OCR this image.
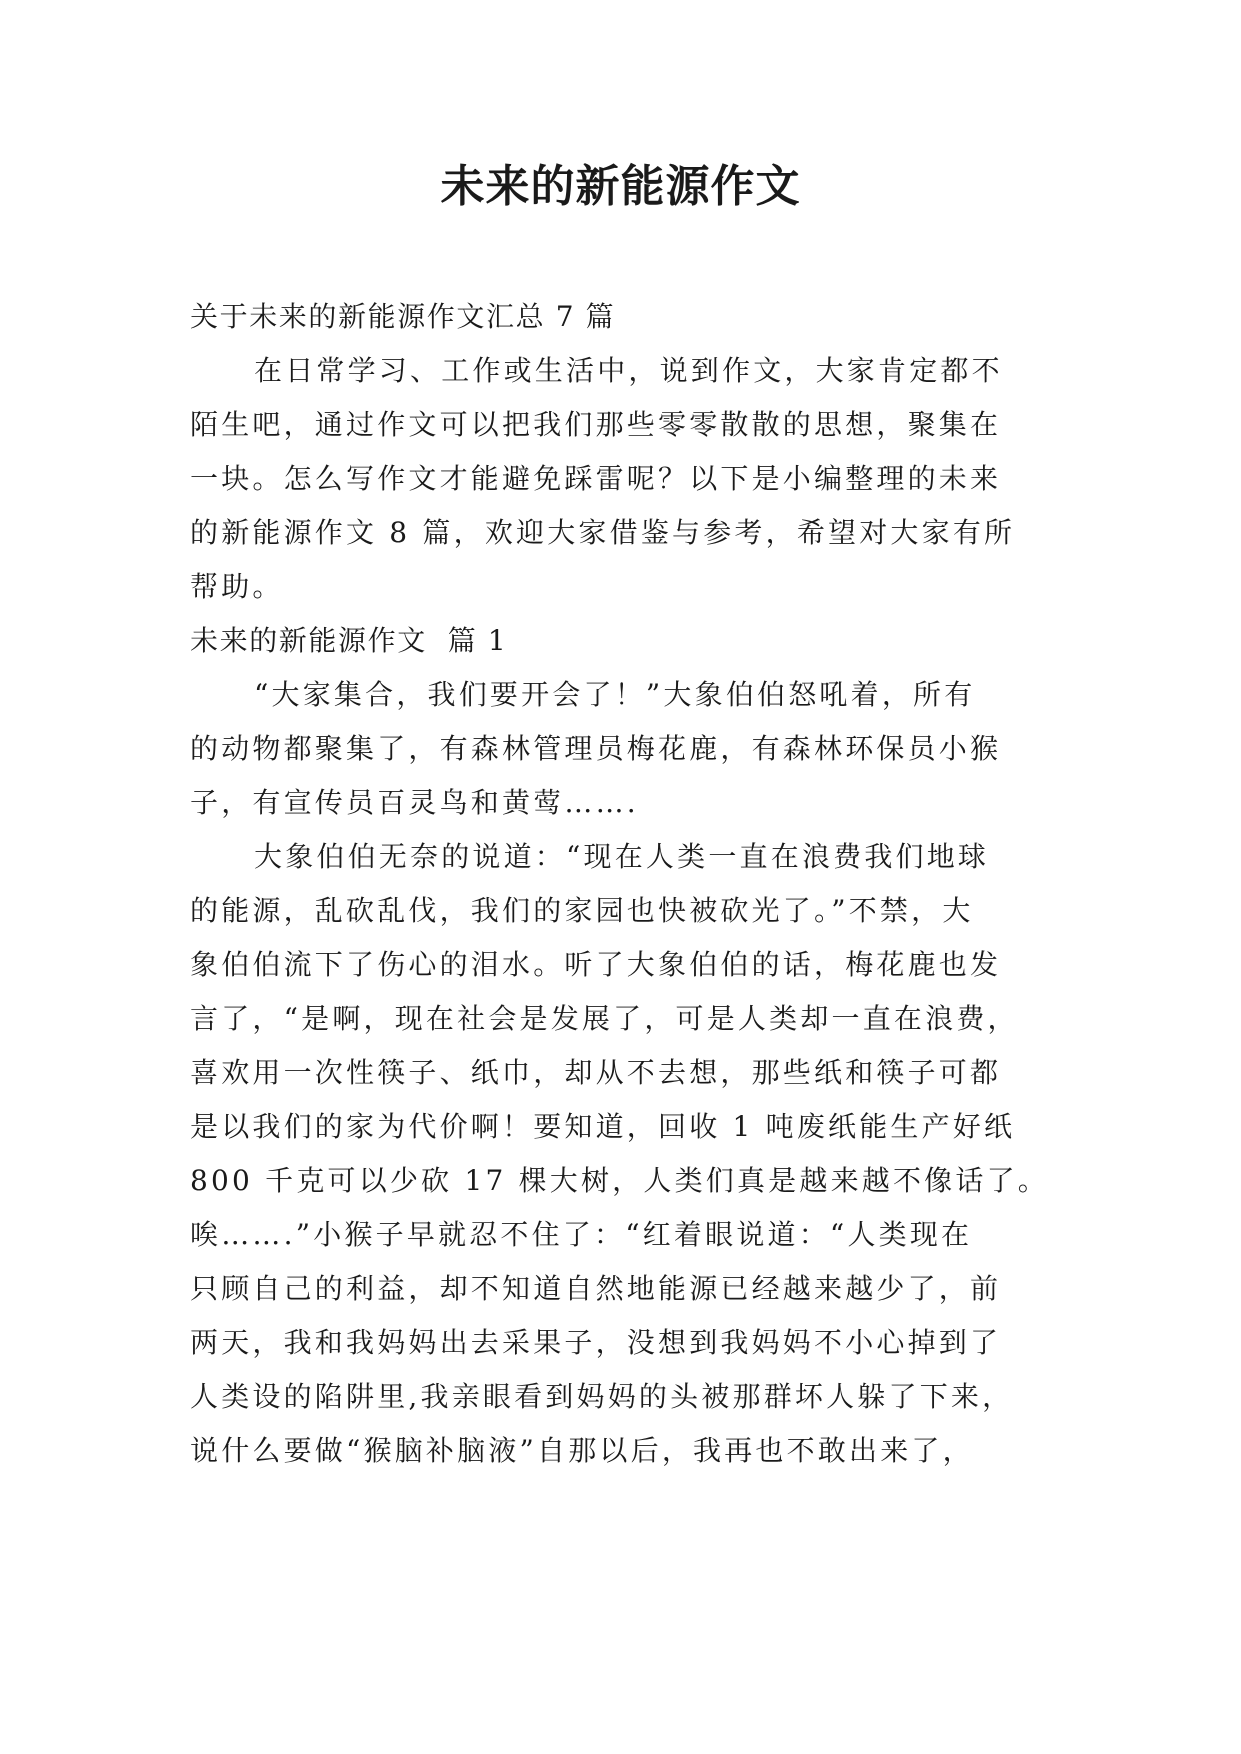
未来的新能源作文

关于未来的新能源作文汇总 7 篇

在日常学习、工作或生活中，说到作文，大家肯定都不

陌生吧，通过作文可以把我们那些零零散散的思想，聚集在

一块。怎么写作文才能避免踩雷呢？以下是小编整理的未来

的新能源作文 8 篇，欢迎大家借鉴与参考，希望对大家有所

帮助。

未来的新能源作文  篇 1

“大家集合，我们要开会了！”大象伯伯怒吼着，所有

的动物都聚集了，有森林管理员梅花鹿，有森林环保员小猴

子，有宣传员百灵鸟和黄莺…….

大象伯伯无奈的说道：“现在人类一直在浪费我们地球

的能源，乱砍乱伐，我们的家园也快被砍光了。”不禁，大

象伯伯流下了伤心的泪水。听了大象伯伯的话，梅花鹿也发

言了，“是啊，现在社会是发展了，可是人类却一直在浪费，

喜欢用一次性筷子、纸巾，却从不去想，那些纸和筷子可都

是以我们的家为代价啊！要知道，回收 1 吨废纸能生产好纸

800 千克可以少砍 17 棵大树，人类们真是越来越不像话了。

唉…….”小猴子早就忍不住了：“红着眼说道：“人类现在

只顾自己的利益，却不知道自然地能源已经越来越少了，前

两天，我和我妈妈出去采果子，没想到我妈妈不小心掉到了

人类设的陷阱里,我亲眼看到妈妈的头被那群坏人躲了下来，

说什么要做“猴脑补脑液”自那以后，我再也不敢出来了，
